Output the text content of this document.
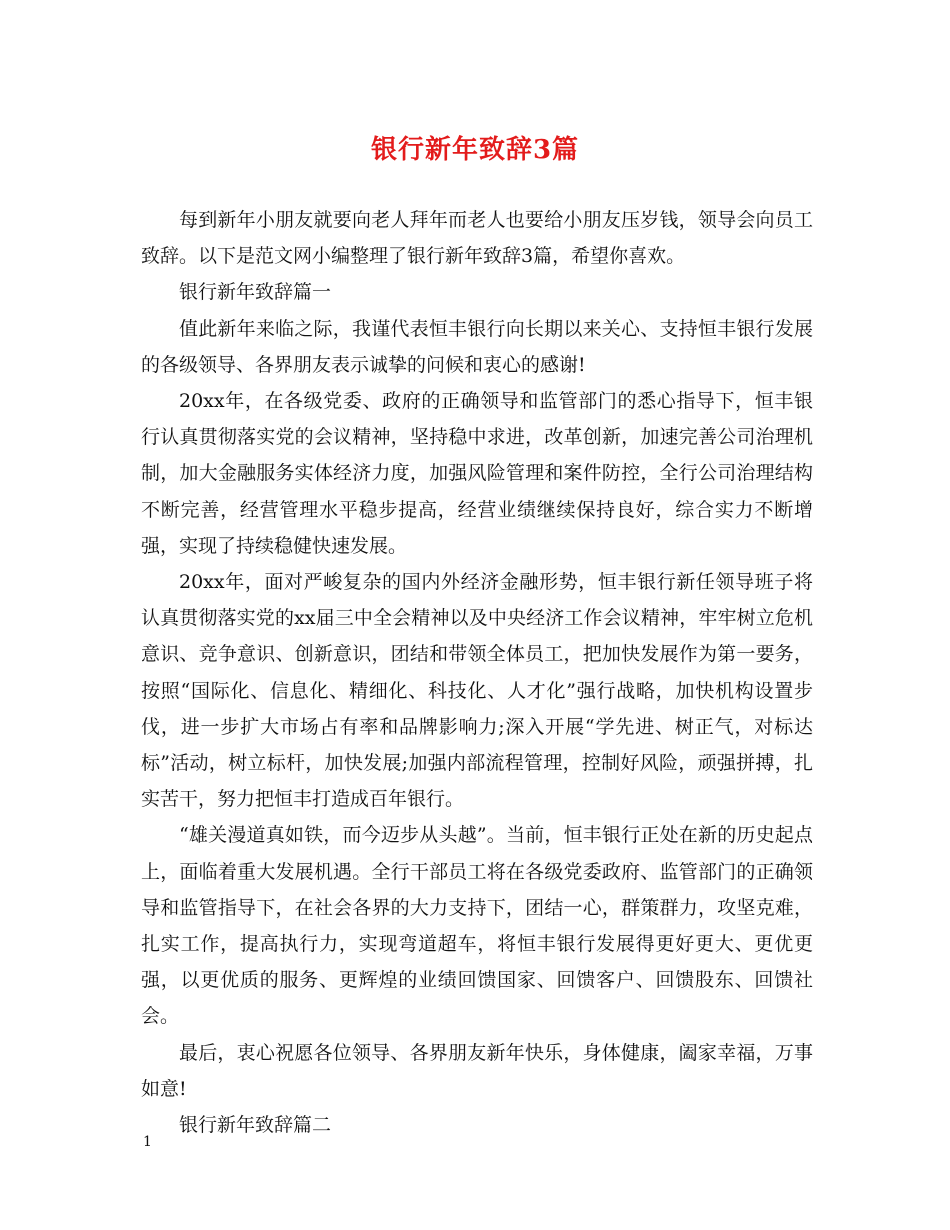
银行新年致辞3篇

每到新年小朋友就要向老人拜年而老人也要给小朋友压岁钱，领导会向员工致辞。以下是范文网小编整理了银行新年致辞3篇，希望你喜欢。

银行新年致辞篇一

值此新年来临之际，我谨代表恒丰银行向长期以来关心、支持恒丰银行发展的各级领导、各界朋友表示诚挚的问候和衷心的感谢!

20xx年，在各级党委、政府的正确领导和监管部门的悉心指导下，恒丰银行认真贯彻落实党的会议精神，坚持稳中求进，改革创新，加速完善公司治理机制，加大金融服务实体经济力度，加强风险管理和案件防控，全行公司治理结构不断完善，经营管理水平稳步提高，经营业绩继续保持良好，综合实力不断增强，实现了持续稳健快速发展。

20xx年，面对严峻复杂的国内外经济金融形势，恒丰银行新任领导班子将认真贯彻落实党的xx届三中全会精神以及中央经济工作会议精神，牢牢树立危机意识、竞争意识、创新意识，团结和带领全体员工，把加快发展作为第一要务，按照“国际化、信息化、精细化、科技化、人才化”强行战略，加快机构设置步伐，进一步扩大市场占有率和品牌影响力;深入开展“学先进、树正气，对标达标”活动，树立标杆，加快发展;加强内部流程管理，控制好风险，顽强拼搏，扎实苦干，努力把恒丰打造成百年银行。

“雄关漫道真如铁，而今迈步从头越”。当前，恒丰银行正处在新的历史起点上，面临着重大发展机遇。全行干部员工将在各级党委政府、监管部门的正确领导和监管指导下，在社会各界的大力支持下，团结一心，群策群力，攻坚克难，扎实工作，提高执行力，实现弯道超车，将恒丰银行发展得更好更大、更优更强，以更优质的服务、更辉煌的业绩回馈国家、回馈客户、回馈股东、回馈社会。

最后，衷心祝愿各位领导、各界朋友新年快乐，身体健康，阖家幸福，万事如意!

银行新年致辞篇二

1
